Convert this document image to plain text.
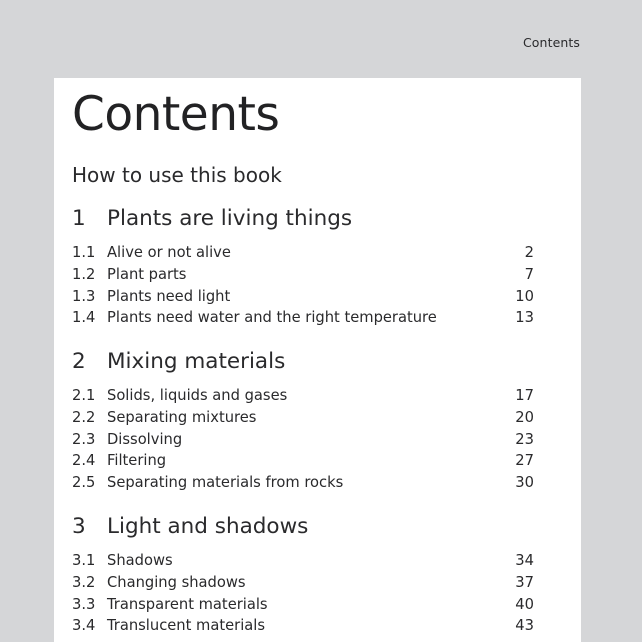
Contents
Contents
How to use this book
1 Plants are living things
1.1 Alive or not alive	2
1.2 Plant parts	7
1.3 Plants need light	10
1.4 Plants need water and the right temperature	13
2 Mixing materials
2.1 Solids, liquids and gases	17
2.2 Separating mixtures	20
2.3 Dissolving	23
2.4 Filtering	27
2.5 Separating materials from rocks	30
3 Light and shadows
3.1 Shadows	34
3.2 Changing shadows	37
3.3 Transparent materials	40
3.4 Translucent materials	43
